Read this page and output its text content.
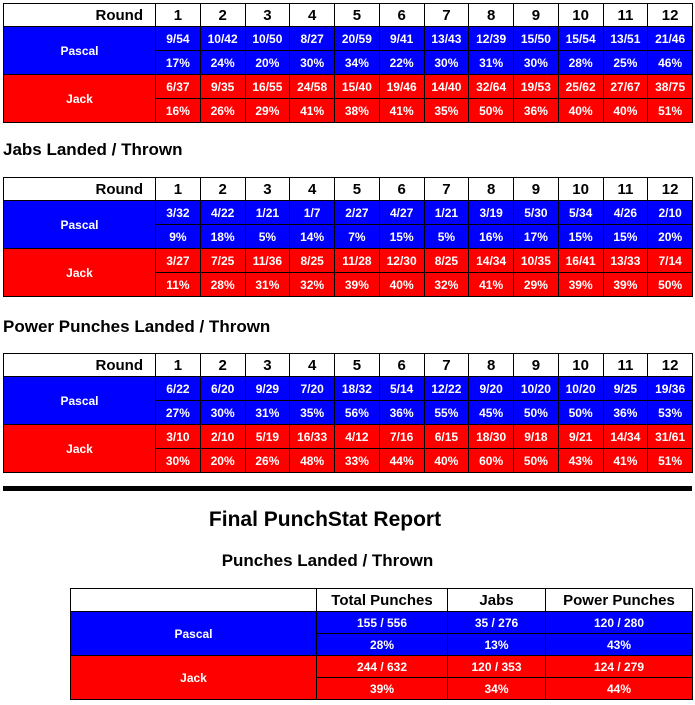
Round	1	2	3	4	5	6	7	8	9	10	11	12
Pascal	9/54	10/42	10/50	8/27	20/59	9/41	13/43	12/39	15/50	15/54	13/51	21/46
	17%	24%	20%	30%	34%	22%	30%	31%	30%	28%	25%	46%
Jack	6/37	9/35	16/55	24/58	15/40	19/46	14/40	32/64	19/53	25/62	27/67	38/75
	16%	26%	29%	41%	38%	41%	35%	50%	36%	40%	40%	51%
Jabs Landed / Thrown
Round	1	2	3	4	5	6	7	8	9	10	11	12
Pascal	3/32	4/22	1/21	1/7	2/27	4/27	1/21	3/19	5/30	5/34	4/26	2/10
	9%	18%	5%	14%	7%	15%	5%	16%	17%	15%	15%	20%
Jack	3/27	7/25	11/36	8/25	11/28	12/30	8/25	14/34	10/35	16/41	13/33	7/14
	11%	28%	31%	32%	39%	40%	32%	41%	29%	39%	39%	50%
Power Punches Landed / Thrown
Round	1	2	3	4	5	6	7	8	9	10	11	12
Pascal	6/22	6/20	9/29	7/20	18/32	5/14	12/22	9/20	10/20	10/20	9/25	19/36
	27%	30%	31%	35%	56%	36%	55%	45%	50%	50%	36%	53%
Jack	3/10	2/10	5/19	16/33	4/12	7/16	6/15	18/30	9/18	9/21	14/34	31/61
	30%	20%	26%	48%	33%	44%	40%	60%	50%	43%	41%	51%
Final PunchStat Report
Punches Landed / Thrown
	Total Punches	Jabs	Power Punches
Pascal	155 / 556	35 / 276	120 / 280
	28%	13%	43%
Jack	244 / 632	120 / 353	124 / 279
	39%	34%	44%
